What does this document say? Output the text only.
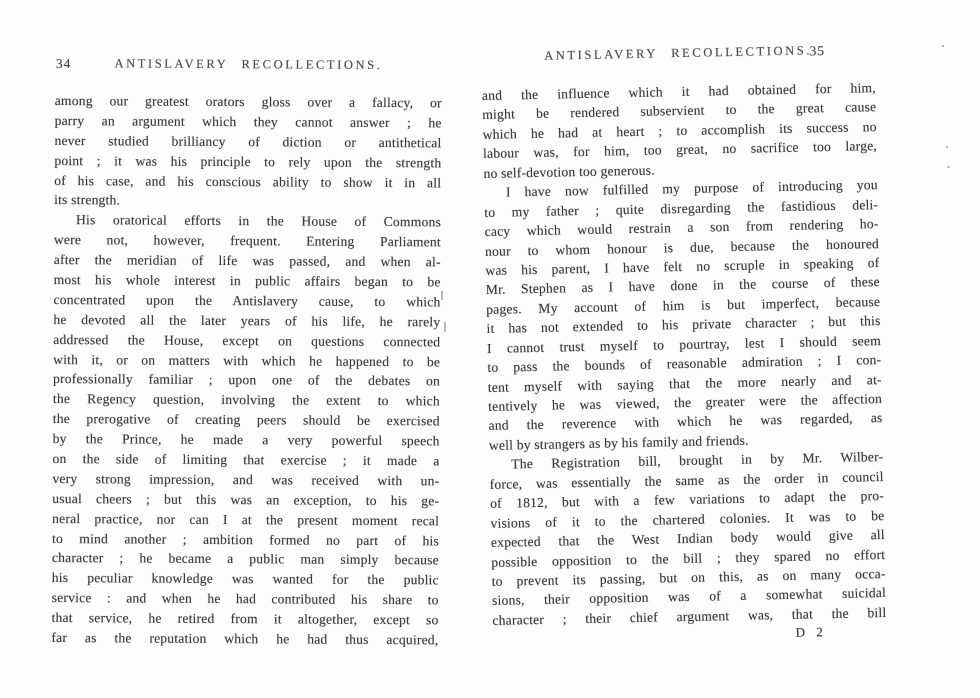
34	ANTISLAVERY RECOLLECTIONS.
among our greatest orators gloss over a fallacy, or
parry an argument which they cannot answer ; he
never studied brilliancy of diction or antithetical
point ; it was his principle to rely upon the strength
of his case, and his conscious ability to show it in all
its strength.
His oratorical efforts in the House of Commons
were not, however, frequent. Entering Parliament
after the meridian of life was passed, and when al-
most his whole interest in public affairs began to be
concentrated upon the Antislavery cause, to which
he devoted all the later years of his life, he rarely
addressed the House, except on questions connected
with it, or on matters with which he happened to be
professionally familiar ; upon one of the debates on
the Regency question, involving the extent to which
the prerogative of creating peers should be exercised
by the Prince, he made a very powerful speech
on the side of limiting that exercise ; it made a
very strong impression, and was received with un-
usual cheers ; but this was an exception, to his ge-
neral practice, nor can I at the present moment recal
to mind another ; ambition formed no part of his
character ; he became a public man simply because
his peculiar knowledge was wanted for the public
service : and when he had contributed his share to
that service, he retired from it altogether, except so
far as the reputation which he had thus acquired,
ANTISLAVERY RECOLLECTIONS.
35
and the influence which it had obtained for him,
might be rendered subservient to the great cause
which he had at heart ; to accomplish its success no
labour was, for him, too great, no sacrifice too large,
no self-devotion too generous.
I have now fulfilled my purpose of introducing you
to my father ; quite disregarding the fastidious deli-
cacy which would restrain a son from rendering ho-
nour to whom honour is due, because the honoured
was his parent, I have felt no scruple in speaking of
Mr. Stephen as I have done in the course of these
pages. My account of him is but imperfect, because
it has not extended to his private character ; but this
I cannot trust myself to pourtray, lest I should seem
to pass the bounds of reasonable admiration ; I con-
tent myself with saying that the more nearly and at-
tentively he was viewed, the greater were the affection
and the reverence with which he was regarded, as
well by strangers as by his family and friends.
The Registration bill, brought in by Mr. Wilber-
force, was essentially the same as the order in council
of 1812, but with a few variations to adapt the pro-
visions of it to the chartered colonies. It was to be
expected that the West Indian body would give all
possible opposition to the bill ; they spared no effort
to prevent its passing, but on this, as on many occa-
sions, their opposition was of a somewhat suicidal
character ; their chief argument was, that the bill
D 2
